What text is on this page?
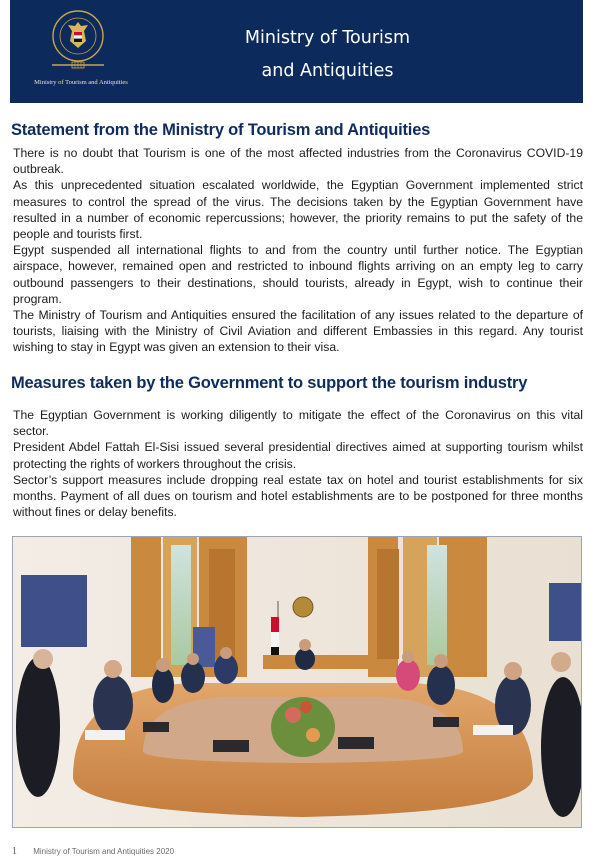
Ministry of Tourism and Antiquities
Ministry of Tourism
and Antiquities
Statement from the Ministry of Tourism and Antiquities

There is no doubt that Tourism is one of the most affected industries from the Coronavirus COVID-19 outbreak.

As this unprecedented situation escalated worldwide, the Egyptian Government implemented strict measures to control the spread of the virus. The decisions taken by the Egyptian Government have resulted in a number of economic repercussions; however, the priority remains to put the safety of the people and tourists first.

Egypt suspended all international flights to and from the country until further notice. The Egyptian airspace, however, remained open and restricted to inbound flights arriving on an empty leg to carry outbound passengers to their destinations, should tourists, already in Egypt, wish to continue their program.

The Ministry of Tourism and Antiquities ensured the facilitation of any issues related to the departure of tourists, liaising with the Ministry of Civil Aviation and different Embassies in this regard. Any tourist wishing to stay in Egypt was given an extension to their visa.

Measures taken by the Government to support the tourism industry

The Egyptian Government is working diligently to mitigate the effect of the Coronavirus on this vital sector.

President Abdel Fattah El-Sisi issued several presidential directives aimed at supporting tourism whilst protecting the rights of workers throughout the crisis.

Sector’s support measures include dropping real estate tax on hotel and tourist establishments for six months. Payment of all dues on tourism and hotel establishments are to be postponed for three months without fines or delay benefits.

1 Ministry of Tourism and Antiquities 2020
